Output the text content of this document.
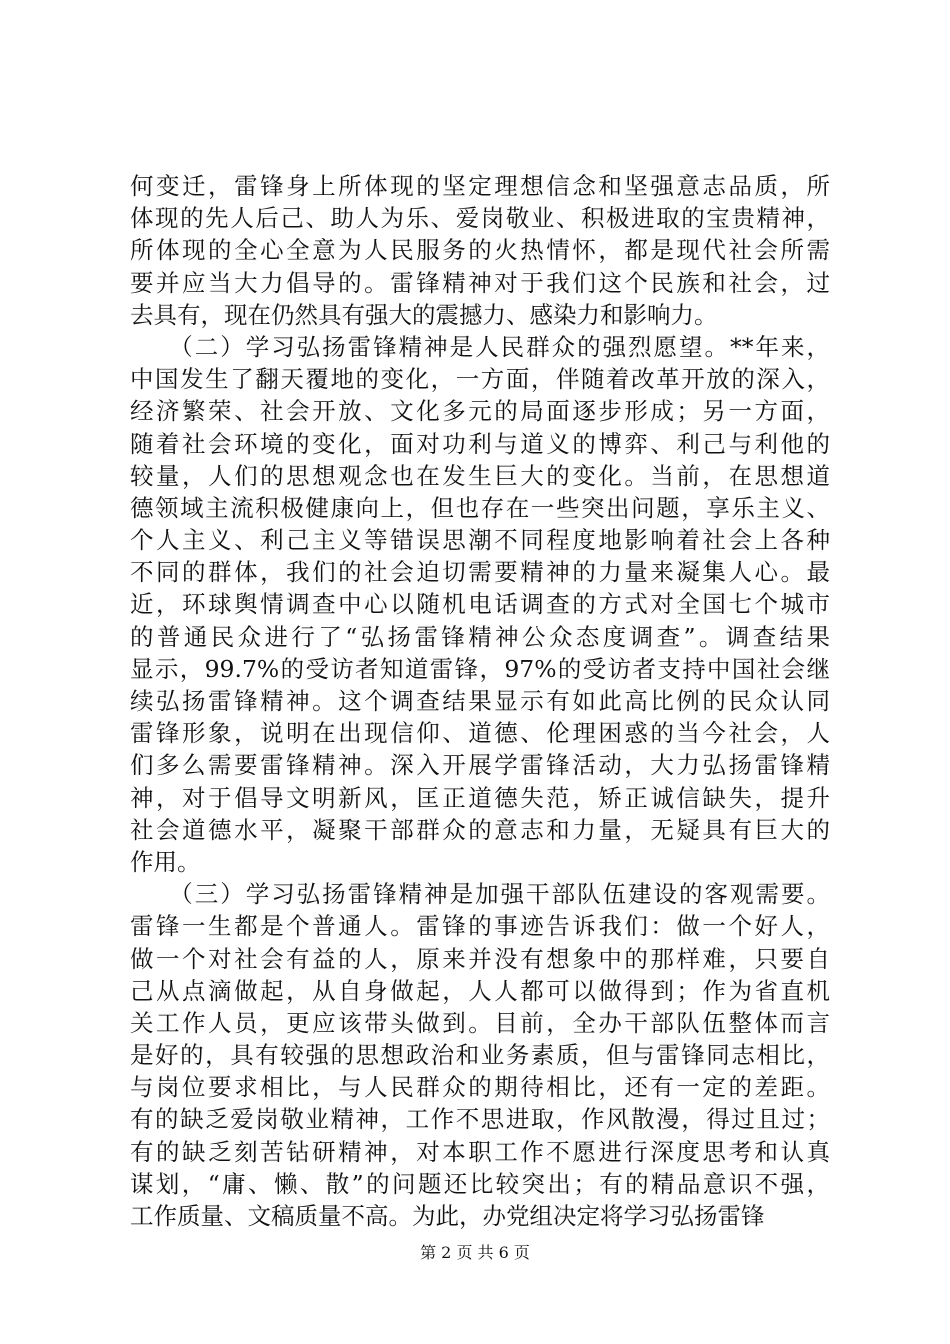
何变迁，雷锋身上所体现的坚定理想信念和坚强意志品质，所
体现的先人后己、助人为乐、爱岗敬业、积极进取的宝贵精神，
所体现的全心全意为人民服务的火热情怀，都是现代社会所需
要并应当大力倡导的。雷锋精神对于我们这个民族和社会，过
去具有，现在仍然具有强大的震撼力、感染力和影响力。
　　（二）学习弘扬雷锋精神是人民群众的强烈愿望。**年来，
中国发生了翻天覆地的变化，一方面，伴随着改革开放的深入，
经济繁荣、社会开放、文化多元的局面逐步形成；另一方面，
随着社会环境的变化，面对功利与道义的博弈、利己与利他的
较量，人们的思想观念也在发生巨大的变化。当前，在思想道
德领域主流积极健康向上，但也存在一些突出问题，享乐主义、
个人主义、利己主义等错误思潮不同程度地影响着社会上各种
不同的群体，我们的社会迫切需要精神的力量来凝集人心。最
近，环球舆情调查中心以随机电话调查的方式对全国七个城市
的普通民众进行了“弘扬雷锋精神公众态度调查”。调查结果
显示，99.7%的受访者知道雷锋，97%的受访者支持中国社会继
续弘扬雷锋精神。这个调查结果显示有如此高比例的民众认同
雷锋形象，说明在出现信仰、道德、伦理困惑的当今社会，人
们多么需要雷锋精神。深入开展学雷锋活动，大力弘扬雷锋精
神，对于倡导文明新风，匡正道德失范，矫正诚信缺失，提升
社会道德水平，凝聚干部群众的意志和力量，无疑具有巨大的
作用。
　　（三）学习弘扬雷锋精神是加强干部队伍建设的客观需要。
雷锋一生都是个普通人。雷锋的事迹告诉我们：做一个好人，
做一个对社会有益的人，原来并没有想象中的那样难，只要自
己从点滴做起，从自身做起，人人都可以做得到；作为省直机
关工作人员，更应该带头做到。目前，全办干部队伍整体而言
是好的，具有较强的思想政治和业务素质，但与雷锋同志相比，
与岗位要求相比，与人民群众的期待相比，还有一定的差距。
有的缺乏爱岗敬业精神，工作不思进取，作风散漫，得过且过；
有的缺乏刻苦钻研精神，对本职工作不愿进行深度思考和认真
谋划，“庸、懒、散”的问题还比较突出；有的精品意识不强，
工作质量、文稿质量不高。为此，办党组决定将学习弘扬雷锋
第 2 页 共 6 页
